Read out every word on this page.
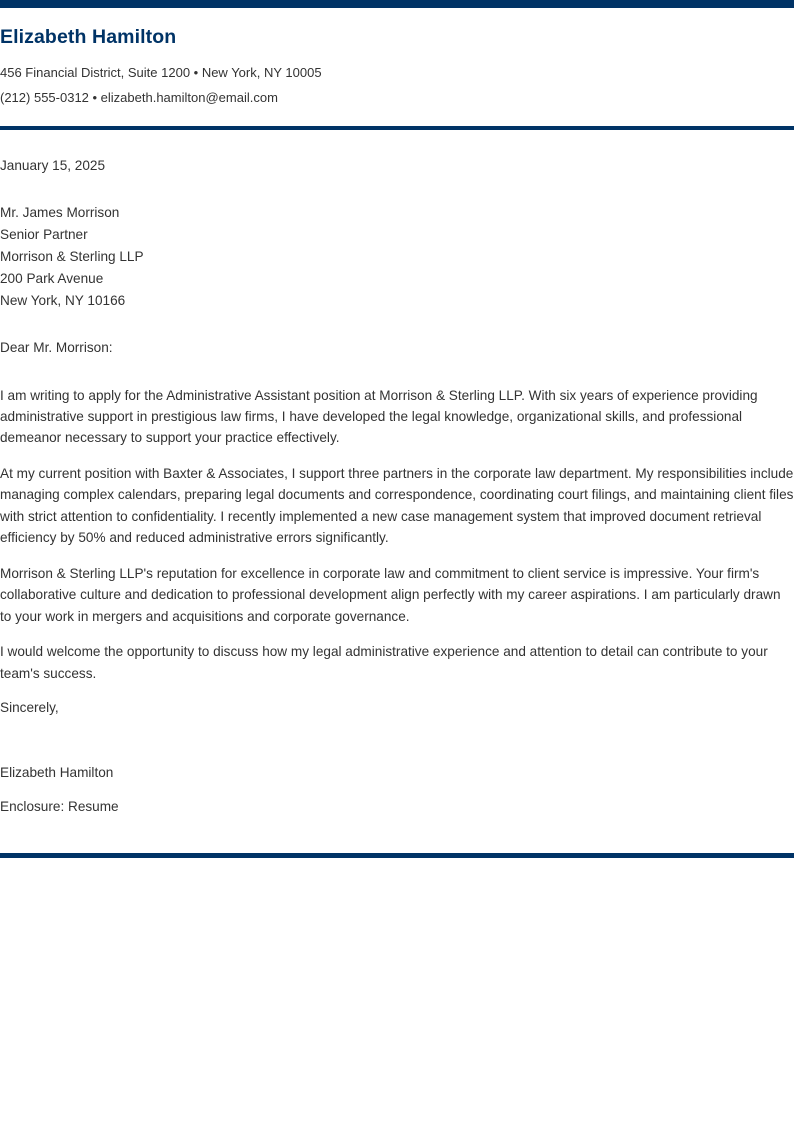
Elizabeth Hamilton

456 Financial District, Suite 1200 • New York, NY 10005

(212) 555-0312 • elizabeth.hamilton@email.com

January 15, 2025

Mr. James Morrison

Senior Partner

Morrison & Sterling LLP

200 Park Avenue

New York, NY 10166

Dear Mr. Morrison:

I am writing to apply for the Administrative Assistant position at Morrison & Sterling LLP. With six years of experience providing administrative support in prestigious law firms, I have developed the legal knowledge, organizational skills, and professional demeanor necessary to support your practice effectively.

At my current position with Baxter & Associates, I support three partners in the corporate law department. My responsibilities include managing complex calendars, preparing legal documents and correspondence, coordinating court filings, and maintaining client files with strict attention to confidentiality. I recently implemented a new case management system that improved document retrieval efficiency by 50% and reduced administrative errors significantly.

Morrison & Sterling LLP's reputation for excellence in corporate law and commitment to client service is impressive. Your firm's collaborative culture and dedication to professional development align perfectly with my career aspirations. I am particularly drawn to your work in mergers and acquisitions and corporate governance.

I would welcome the opportunity to discuss how my legal administrative experience and attention to detail can contribute to your team's success.

Sincerely,

Elizabeth Hamilton

Enclosure: Resume
